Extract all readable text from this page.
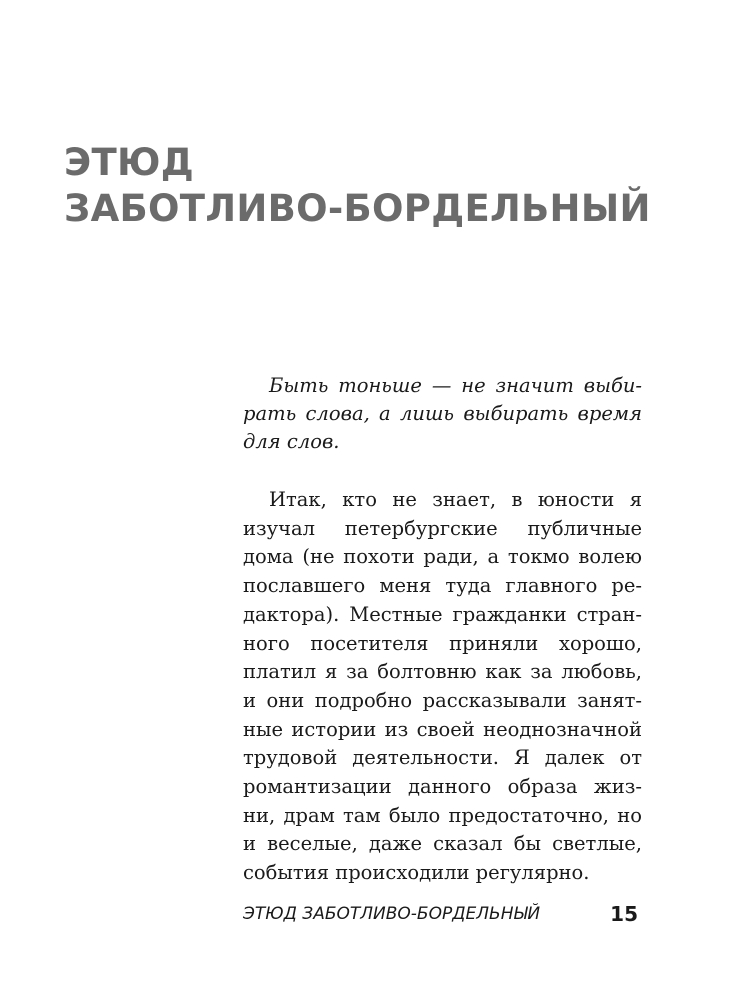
ЭТЮД
ЗАБОТЛИВО-БОРДЕЛЬНЫЙ
Быть тоньше — не значит выби-
рать слова, а лишь выбирать время
для слов.
Итак, кто не знает, в юности я
изучал петербургские публичные
дома (не похоти ради, а токмо волею
пославшего меня туда главного ре-
дактора). Местные гражданки стран-
ного посетителя приняли хорошо,
платил я за болтовню как за любовь,
и они подробно рассказывали занят-
ные истории из своей неоднозначной
трудовой деятельности. Я далек от
романтизации данного образа жиз-
ни, драм там было предостаточно, но
и веселые, даже сказал бы светлые,
события происходили регулярно.
ЭТЮД ЗАБОТЛИВО-БОРДЕЛЬНЫЙ	15
